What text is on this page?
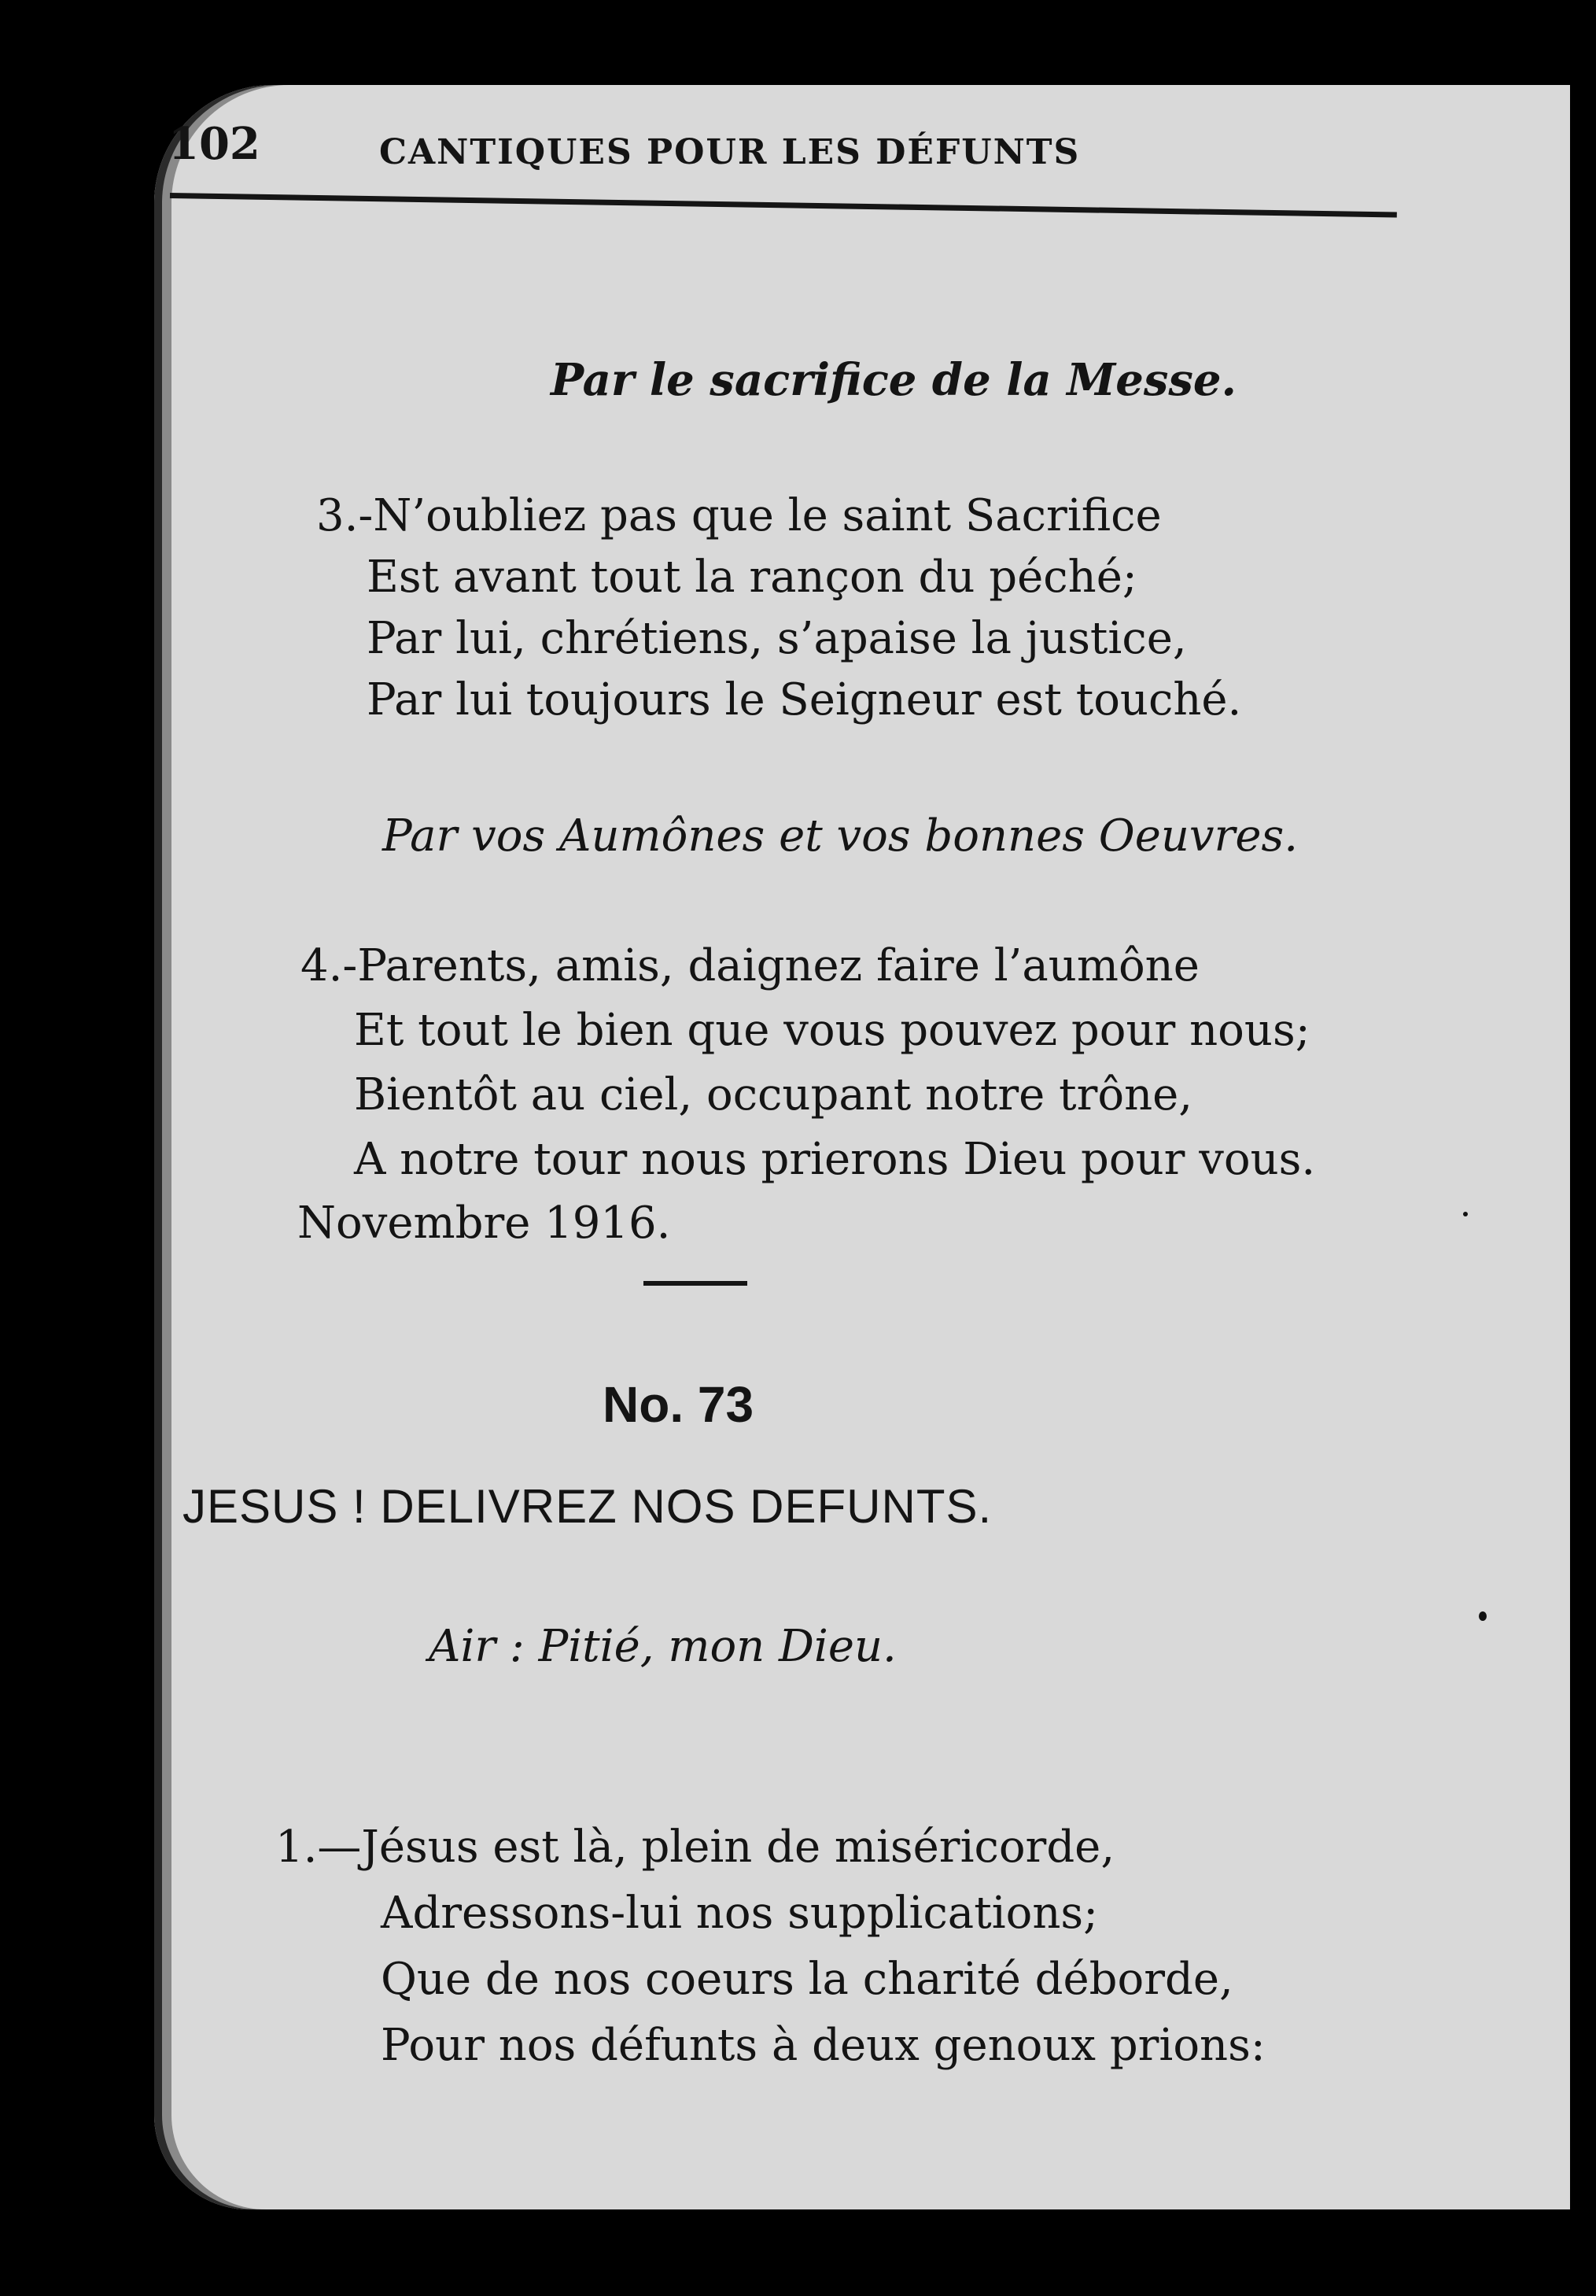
102	CANTIQUES POUR LES DÉFUNTS
Par le sacrifice de la Messe.
3.-N’oubliez pas que le saint Sacrifice
Est avant tout la rançon du péché;
Par lui, chrétiens, s’apaise la justice,
Par lui toujours le Seigneur est touché.
Par vos Aumônes et vos bonnes Oeuvres.
4.-Parents, amis, daignez faire l’aumône
Et tout le bien que vous pouvez pour nous;
Bientôt au ciel, occupant notre trône,
A notre tour nous prierons Dieu pour vous.
Novembre 1916.
No. 73
JESUS ! DELIVREZ NOS DEFUNTS.
Air : Pitié, mon Dieu.
1.—Jésus est là, plein de miséricorde,
Adressons-lui nos supplications;
Que de nos coeurs la charité déborde,
Pour nos défunts à deux genoux prions:
